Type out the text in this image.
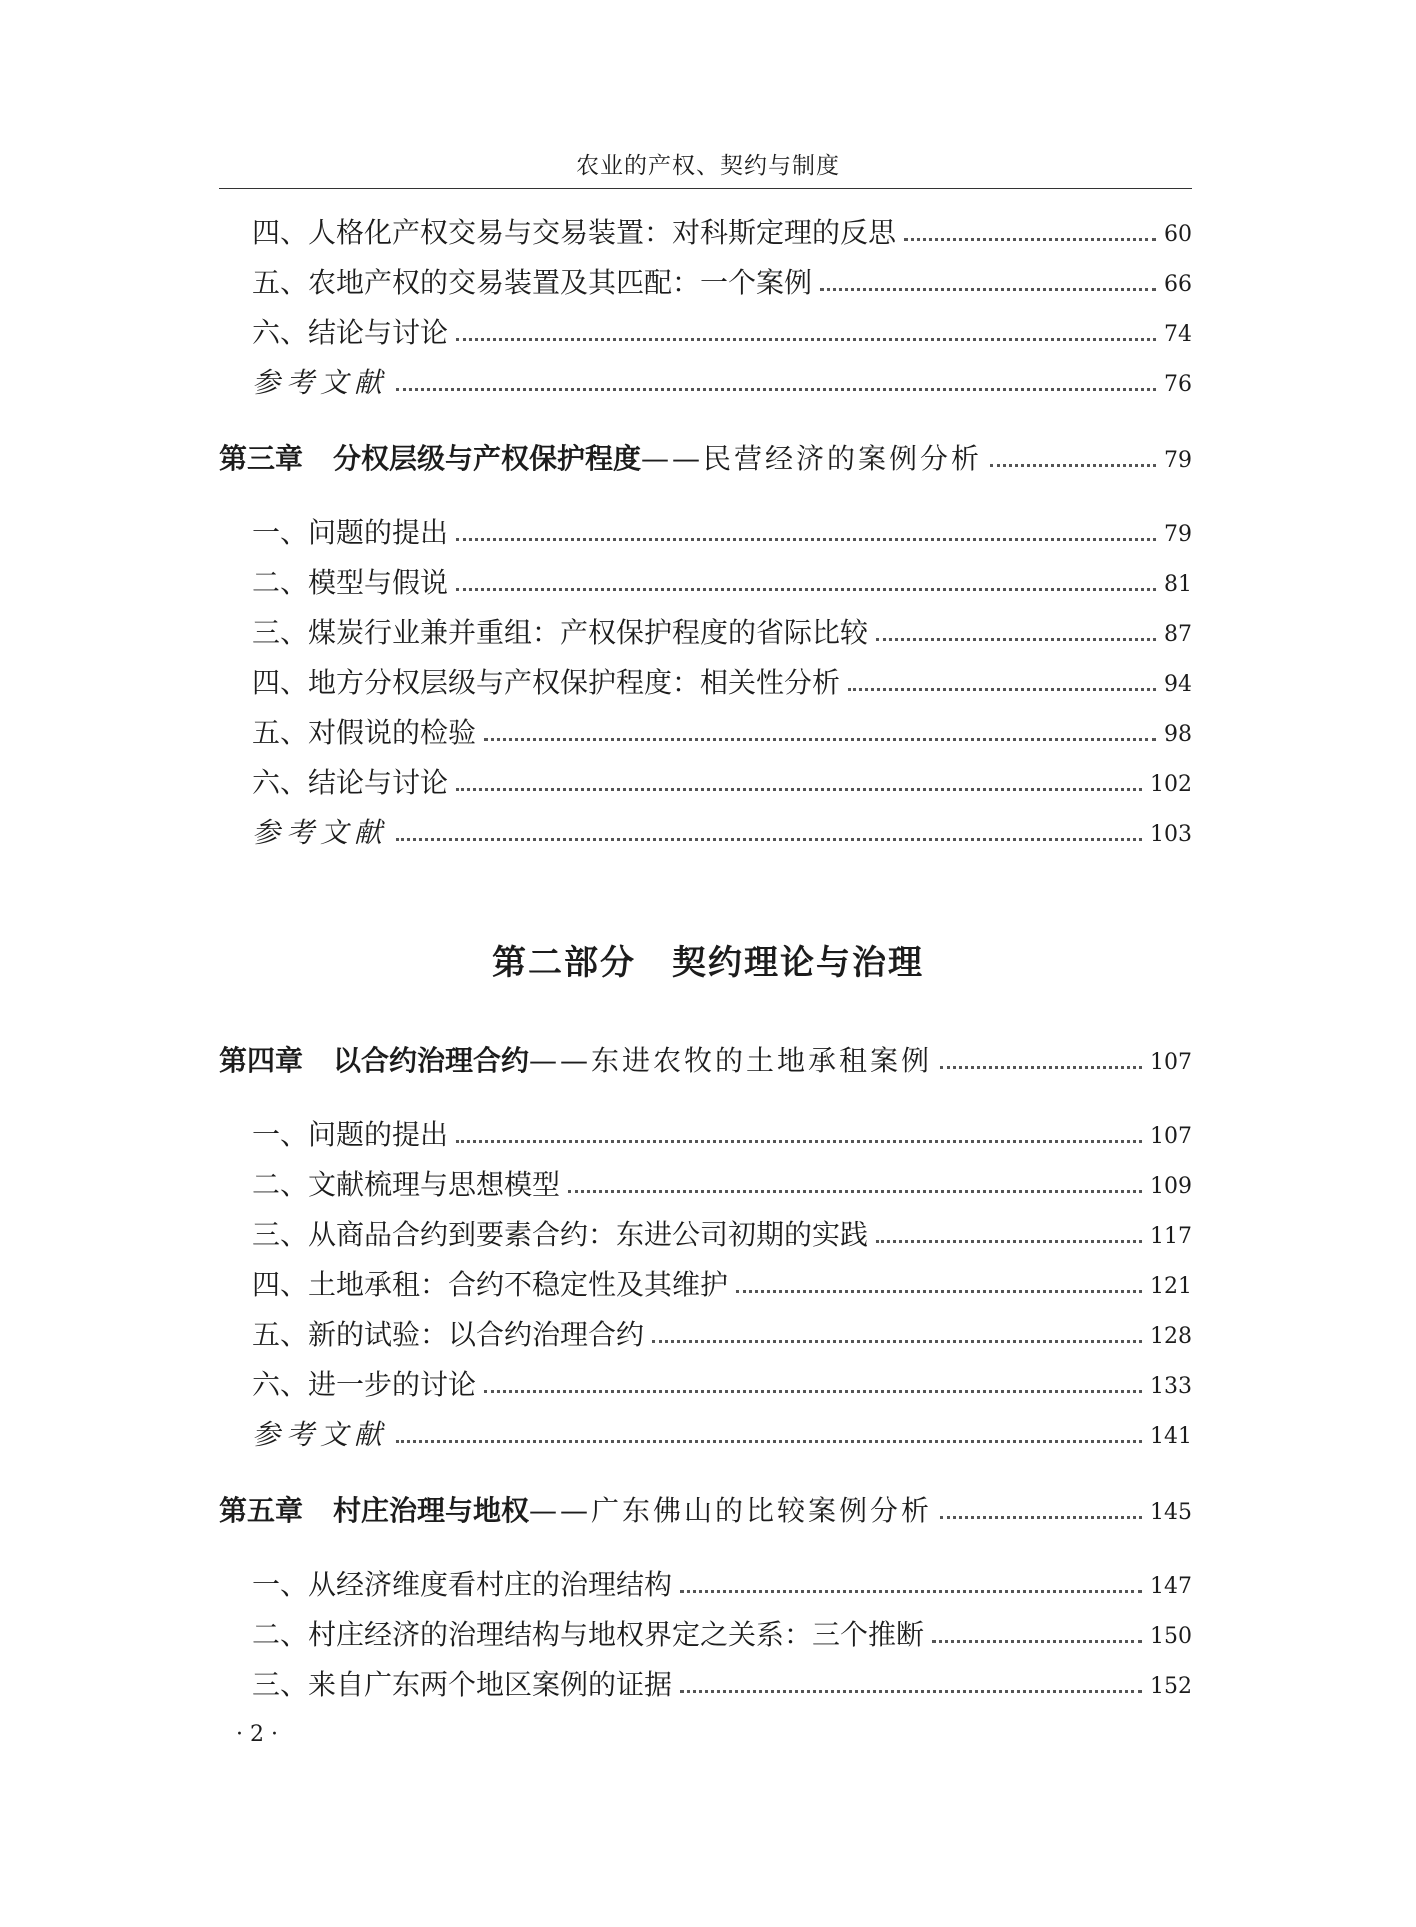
农业的产权、契约与制度
四、人格化产权交易与交易装置：对科斯定理的反思	60
五、农地产权的交易装置及其匹配：一个案例	66
六、结论与讨论	74
参考文献	76
第三章 分权层级与产权保护程度 ——民营经济的案例分析	79
一、问题的提出	79
二、模型与假说	81
三、煤炭行业兼并重组：产权保护程度的省际比较	87
四、地方分权层级与产权保护程度：相关性分析	94
五、对假说的检验	98
六、结论与讨论	102
参考文献	103
第四章 以合约治理合约 ——东进农牧的土地承租案例	107
一、问题的提出	107
二、文献梳理与思想模型	109
三、从商品合约到要素合约：东进公司初期的实践	117
四、土地承租：合约不稳定性及其维护	121
五、新的试验：以合约治理合约	128
六、进一步的讨论	133
参考文献	141
第五章 村庄治理与地权 ——广东佛山的比较案例分析	145
一、从经济维度看村庄的治理结构	147
二、村庄经济的治理结构与地权界定之关系：三个推断	150
三、来自广东两个地区案例的证据	152
第二部分 契约理论与治理
· 2 ·
